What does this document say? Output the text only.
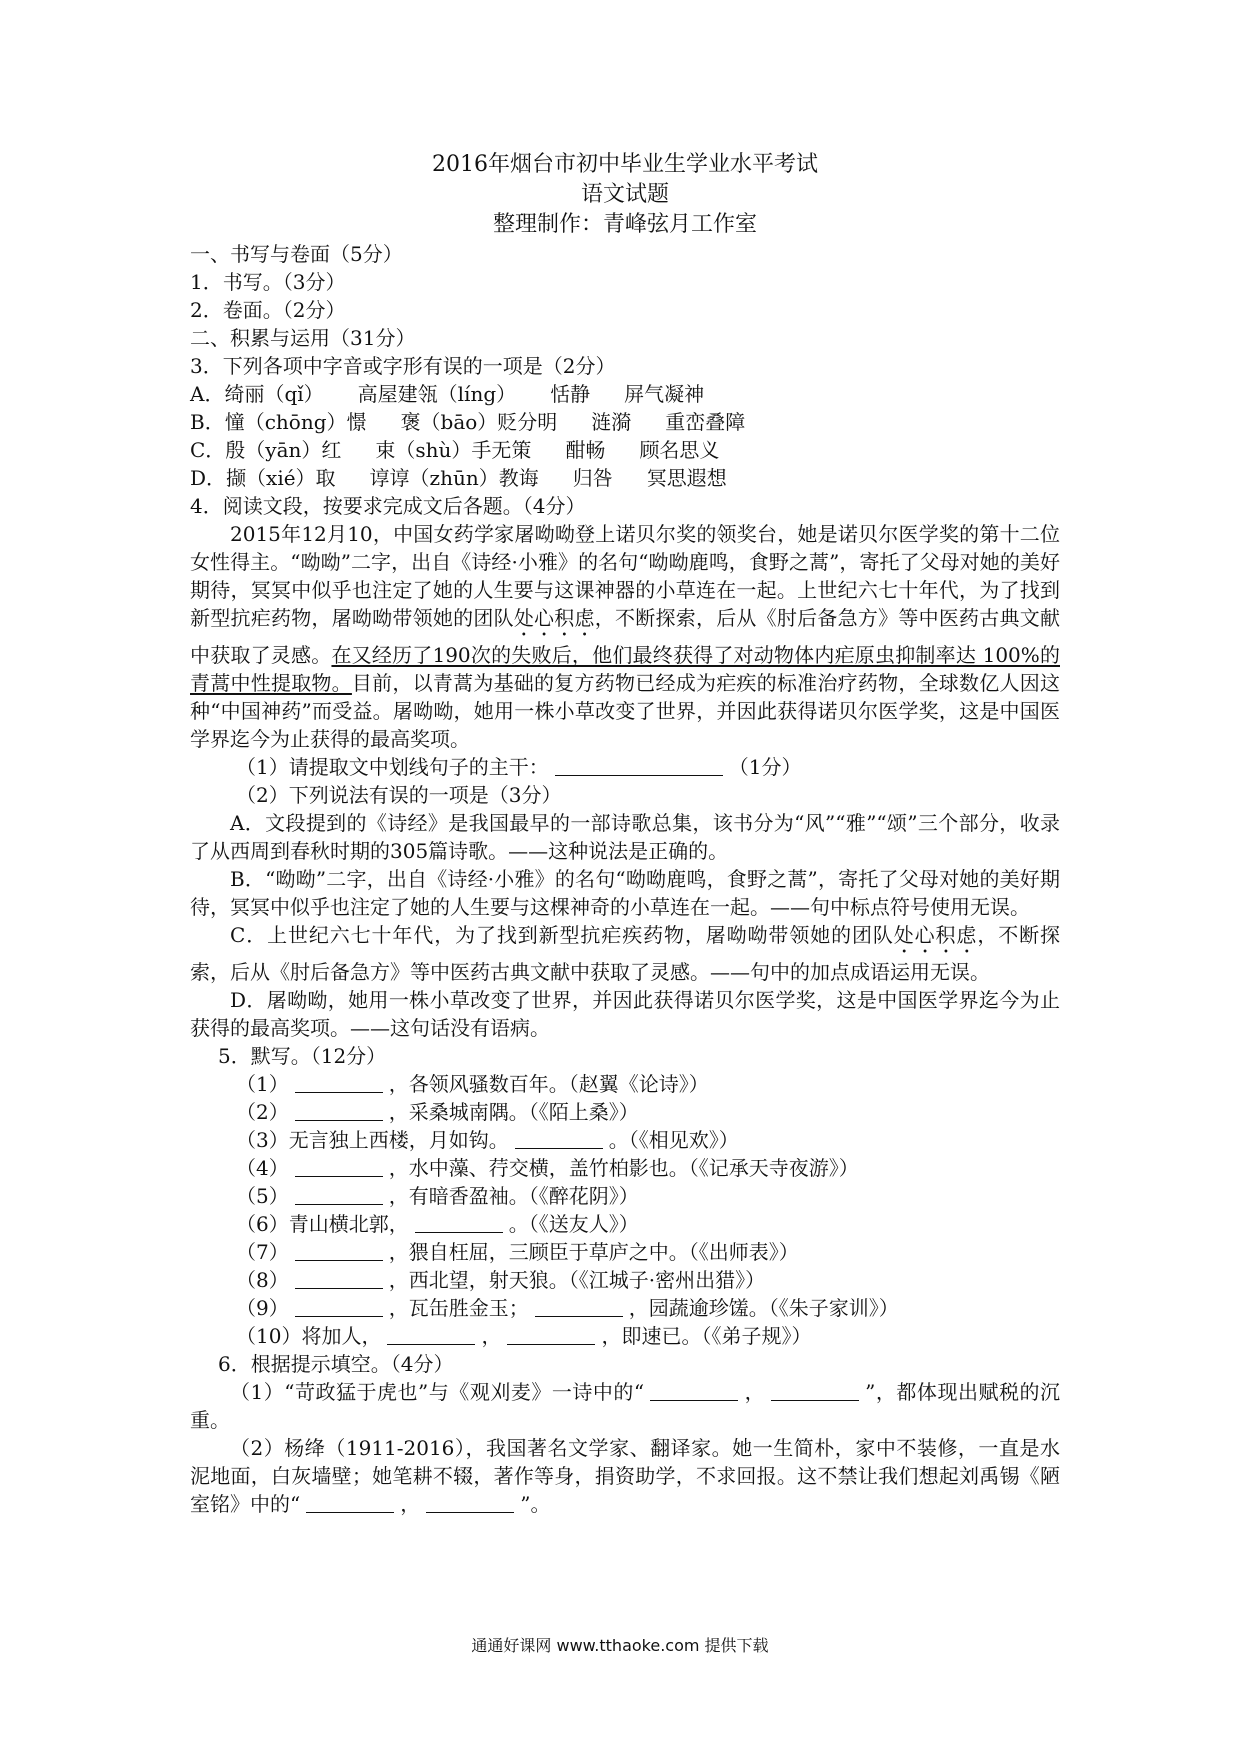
2016年烟台市初中毕业生学业水平考试

语文试题

整理制作：青峰弦月工作室

一、书写与卷面（5分）

1．书写。（3分）

2．卷面。（2分）

二、积累与运用（31分）

3．下列各项中字音或字形有误的一项是（2分）

A．绮丽（qǐ） 高屋建瓴（líng） 恬静 屏气凝神

B．憧（chōng）憬 褒（bāo）贬分明 涟漪 重峦叠障

C．殷（yān）红 束（shù）手无策 酣畅 顾名思义

D．撷（xié）取 谆谆（zhūn）教诲 归咎 冥思遐想

4．阅读文段，按要求完成文后各题。（4分）

2015年12月10，中国女药学家屠呦呦登上诺贝尔奖的领奖台，她是诺贝尔医学奖的第十二位女性得主。“呦呦”二字，出自《诗经·小雅》的名句“呦呦鹿鸣，食野之蒿”，寄托了父母对她的美好期待，冥冥中似乎也注定了她的人生要与这课神器的小草连在一起。上世纪六七十年代，为了找到新型抗疟药物，屠呦呦带领她的团队处心积虑，不断探索，后从《肘后备急方》等中医药古典文献中获取了灵感。在又经历了190次的失败后，他们最终获得了对动物体内疟原虫抑制率达 100%的青蒿中性提取物。目前，以青蒿为基础的复方药物已经成为疟疾的标准治疗药物，全球数亿人因这种“中国神药”而受益。屠呦呦，她用一株小草改变了世界，并因此获得诺贝尔医学奖，这是中国医学界迄今为止获得的最高奖项。

（1）请提取文中划线句子的主干：	（1分）

（2）下列说法有误的一项是（3分）

A．文段提到的《诗经》是我国最早的一部诗歌总集，该书分为“风”“雅”“颂”三个部分，收录了从西周到春秋时期的305篇诗歌。——这种说法是正确的。

B．“呦呦”二字，出自《诗经·小雅》的名句“呦呦鹿鸣，食野之蒿”，寄托了父母对她的美好期待，冥冥中似乎也注定了她的人生要与这棵神奇的小草连在一起。——句中标点符号使用无误。

C．上世纪六七十年代，为了找到新型抗疟疾药物，屠呦呦带领她的团队处心积虑，不断探索，后从《肘后备急方》等中医药古典文献中获取了灵感。——句中的加点成语运用无误。

D．屠呦呦，她用一株小草改变了世界，并因此获得诺贝尔医学奖，这是中国医学界迄今为止获得的最高奖项。——这句话没有语病。

5．默写。（12分）

（1）	，各领风骚数百年。（赵翼《论诗》）

（2）	，采桑城南隅。（《陌上桑》）

（3）无言独上西楼，月如钩。	。（《相见欢》）

（4）	，水中藻、荇交横，盖竹柏影也。（《记承天寺夜游》）

（5）	，有暗香盈袖。（《醉花阴》）

（6）青山横北郭，	。（《送友人》）

（7）	，猥自枉屈，三顾臣于草庐之中。（《出师表》）

（8）	，西北望，射天狼。（《江城子·密州出猎》）

（9）	，瓦缶胜金玉；	，园蔬逾珍馐。（《朱子家训》）

（10）将加人，	，	，即速已。（《弟子规》）

6．根据提示填空。（4分）

（1）“苛政猛于虎也”与《观刈麦》一诗中的“	，	”，都体现出赋税的沉重。

（2）杨绛（1911-2016），我国著名文学家、翻译家。她一生简朴，家中不装修，一直是水泥地面，白灰墙壁；她笔耕不辍，著作等身，捐资助学，不求回报。这不禁让我们想起刘禹锡《陋室铭》中的“	，	”。

通通好课网 www.tthaoke.com 提供下载
